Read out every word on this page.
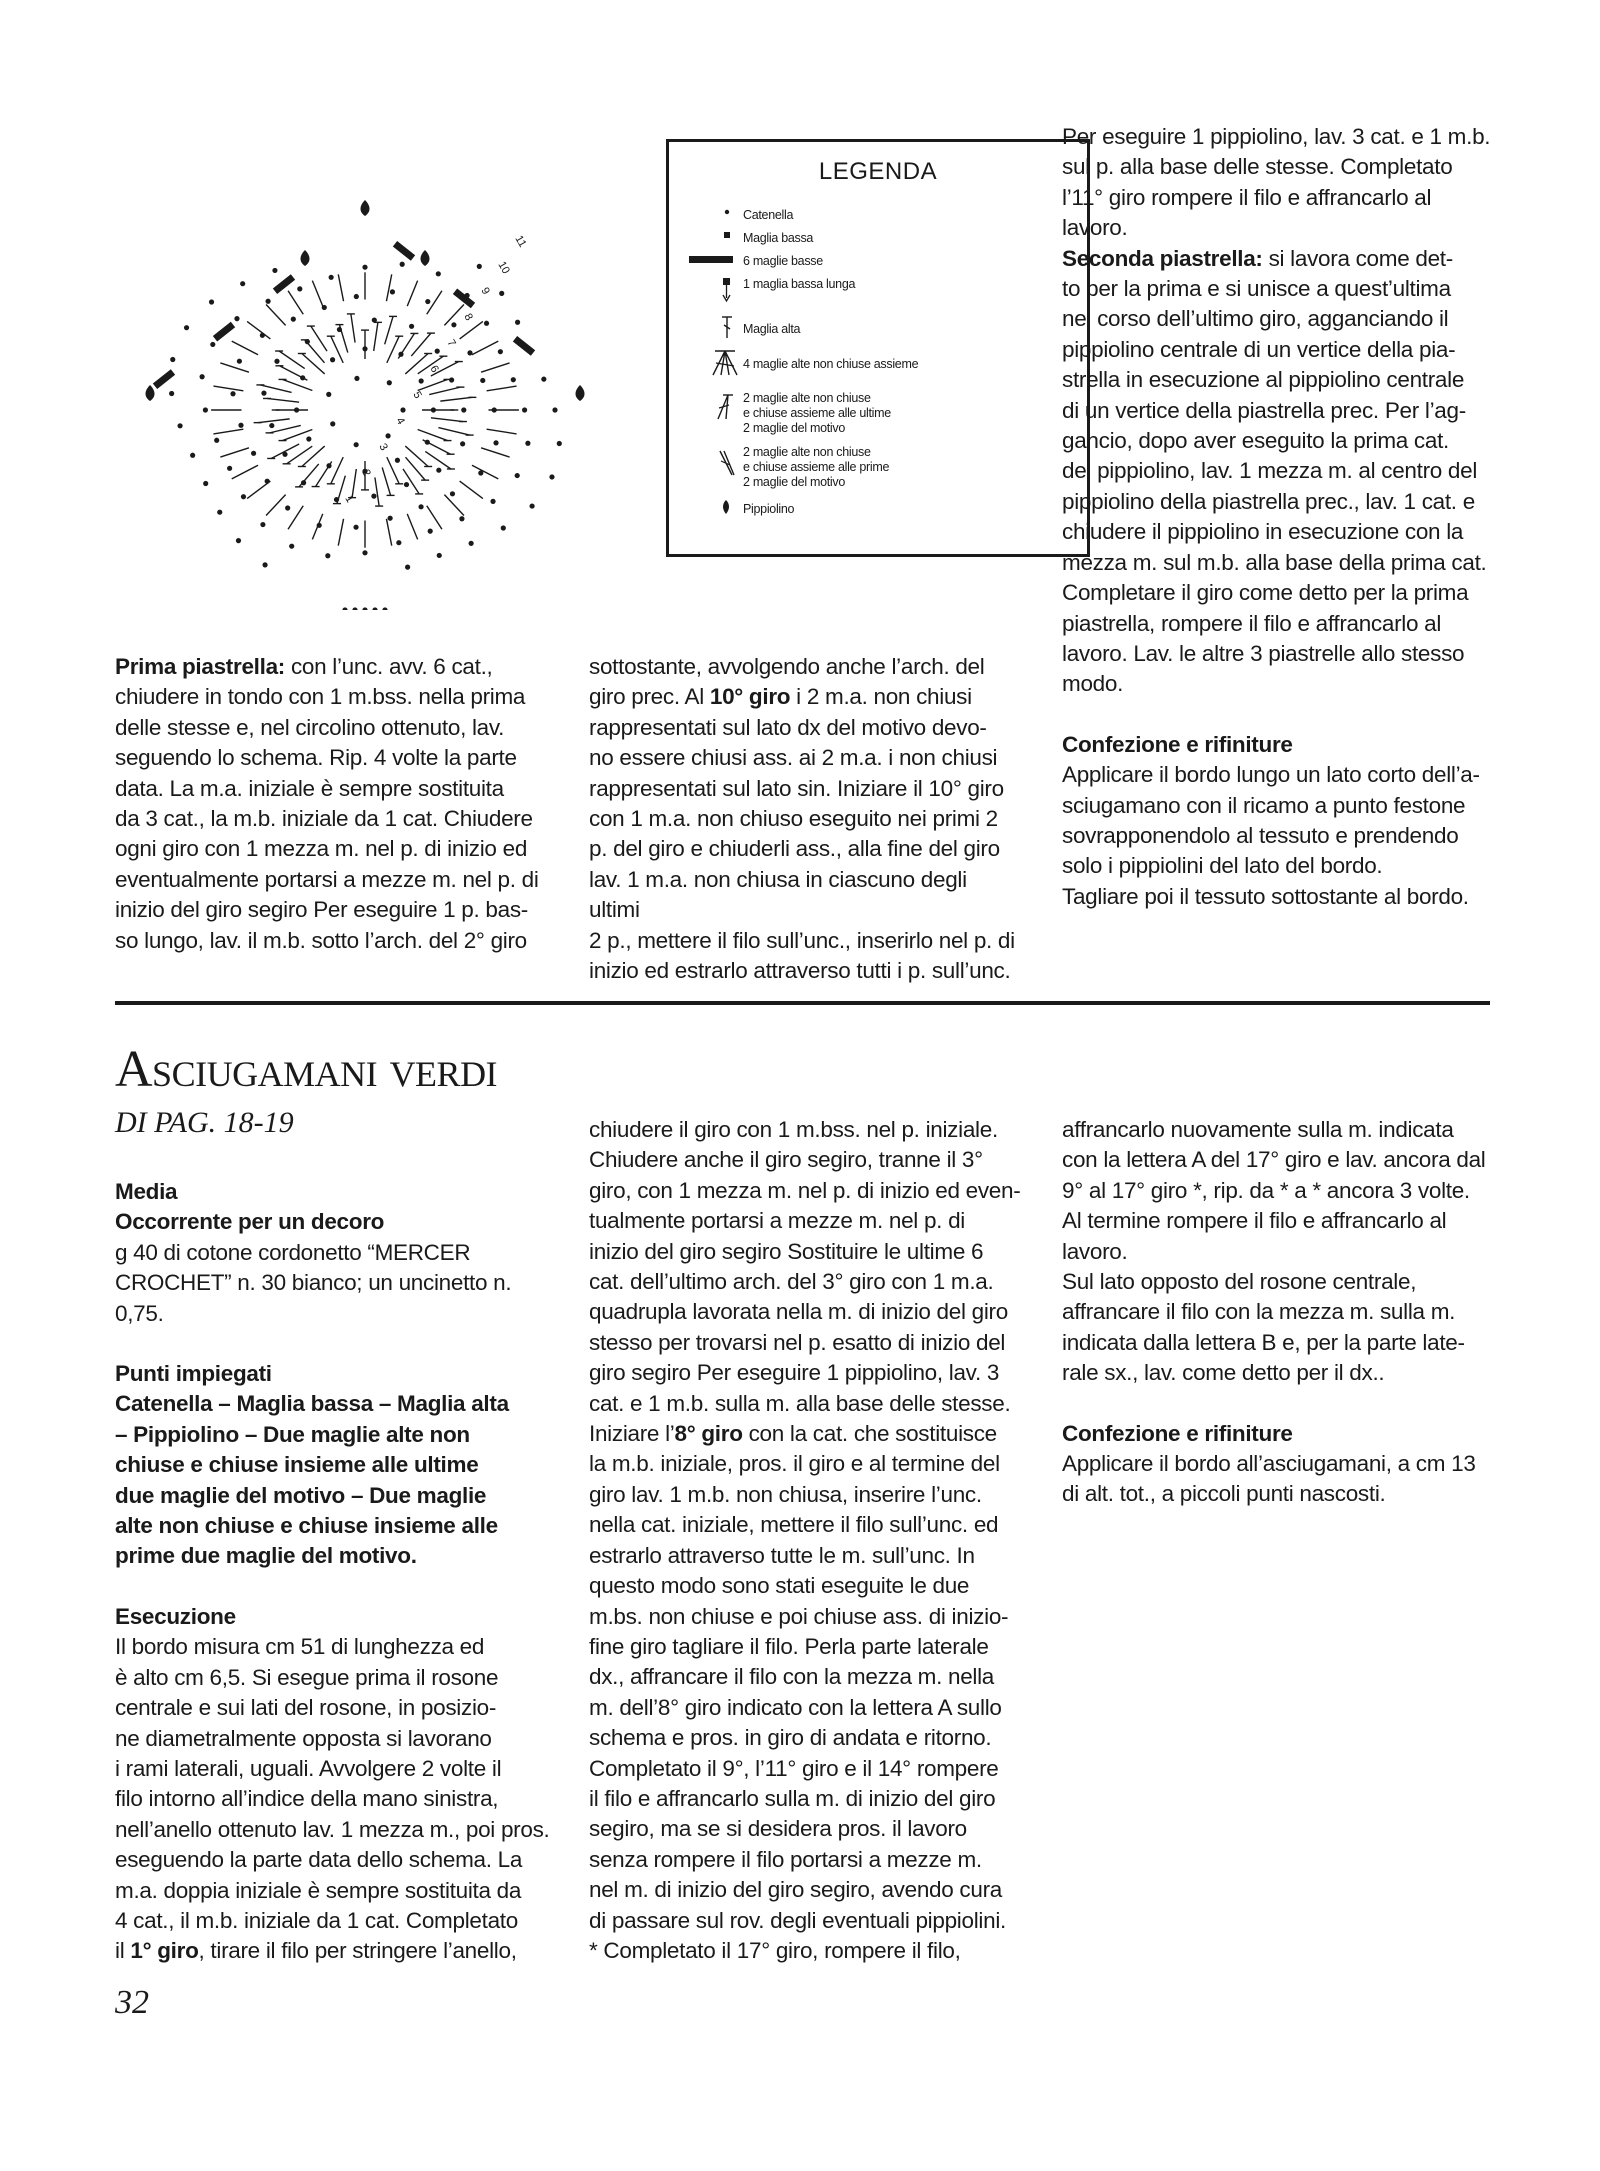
11
10
9
8
7
6
5
4
3
2
1
LEGENDA
Catenella
Maglia bassa
6 maglie basse
1 maglia bassa lunga
Maglia alta
4 maglie alte non chiuse assieme
2 maglie alte non chiuse
e chiuse assieme alle ultime
2 maglie del motivo
2 maglie alte non chiuse
e chiuse assieme alle prime
2 maglie del motivo
Pippiolino

Prima piastrella: con l’unc. avv. 6 cat.,

chiudere in tondo con 1 m.bss. nella prima

delle stesse e, nel circolino ottenuto, lav.

seguendo lo schema. Rip. 4 volte la parte

data. La m.a. iniziale è sempre sostituita

da 3 cat., la m.b. iniziale da 1 cat. Chiudere

ogni giro con 1 mezza m. nel p. di inizio ed

eventualmente portarsi a mezze m. nel p. di

inizio del giro segiro Per eseguire 1 p. bas-

so lungo, lav. il m.b. sotto l’arch. del 2° giro

sottostante, avvolgendo anche l’arch. del

giro prec. Al 10° giro i 2 m.a. non chiusi

rappresentati sul lato dx del motivo devo-

no essere chiusi ass. ai 2 m.a. i non chiusi

rappresentati sul lato sin. Iniziare il 10° giro

con 1 m.a. non chiuso eseguito nei primi 2

p. del giro e chiuderli ass., alla fine del giro

lav. 1 m.a. non chiusa in ciascuno degli ultimi

2 p., mettere il filo sull’unc., inserirlo nel p. di

inizio ed estrarlo attraverso tutti i p. sull’unc.

Per eseguire 1 pippiolino, lav. 3 cat. e 1 m.b.

sul p. alla base delle stesse. Completato

l’11° giro rompere il filo e affrancarlo al lavoro.

Seconda piastrella: si lavora come det-

to per la prima e si unisce a quest’ultima

nel corso dell’ultimo giro, agganciando il

pippiolino centrale di un vertice della pia-

strella in esecuzione al pippiolino centrale

di un vertice della piastrella prec. Per l’ag-

gancio, dopo aver eseguito la prima cat.

del pippiolino, lav. 1 mezza m. al centro del

pippiolino della piastrella prec., lav. 1 cat. e

chiudere il pippiolino in esecuzione con la

mezza m. sul m.b. alla base della prima cat.

Completare il giro come detto per la prima

piastrella, rompere il filo e affrancarlo al

lavoro. Lav. le altre 3 piastrelle allo stesso

modo.

Confezione e rifiniture

Applicare il bordo lungo un lato corto dell’a-

sciugamano con il ricamo a punto festone

sovrapponendolo al tessuto e prendendo

solo i pippiolini del lato del bordo.

Tagliare poi il tessuto sottostante al bordo.

Asciugamani verdi
DI PAG. 18-19
Media
Occorrente per un decoro

g 40 di cotone cordonetto “MERCER

CROCHET” n. 30 bianco; un uncinetto n.

0,75.

Punti impiegati
Catenella – Maglia bassa – Maglia alta
– Pippiolino – Due maglie alte non
chiuse e chiuse insieme alle ultime
due maglie del motivo – Due maglie
alte non chiuse e chiuse insieme alle
prime due maglie del motivo.
Esecuzione

Il bordo misura cm 51 di lunghezza ed

è alto cm 6,5. Si esegue prima il rosone

centrale e sui lati del rosone, in posizio-

ne diametralmente opposta si lavorano

i rami laterali, uguali. Avvolgere 2 volte il

filo intorno all’indice della mano sinistra,

nell’anello ottenuto lav. 1 mezza m., poi pros.

eseguendo la parte data dello schema. La

m.a. doppia iniziale è sempre sostituita da

4 cat., il m.b. iniziale da 1 cat. Completato

il 1° giro, tirare il filo per stringere l’anello,

chiudere il giro con 1 m.bss. nel p. iniziale.

Chiudere anche il giro segiro, tranne il 3°

giro, con 1 mezza m. nel p. di inizio ed even-

tualmente portarsi a mezze m. nel p. di

inizio del giro segiro Sostituire le ultime 6

cat. dell’ultimo arch. del 3° giro con 1 m.a.

quadrupla lavorata nella m. di inizio del giro

stesso per trovarsi nel p. esatto di inizio del

giro segiro Per eseguire 1 pippiolino, lav. 3

cat. e 1 m.b. sulla m. alla base delle stesse.

Iniziare l’8° giro con la cat. che sostituisce

la m.b. iniziale, pros. il giro e al termine del

giro lav. 1 m.b. non chiusa, inserire l’unc.

nella cat. iniziale, mettere il filo sull’unc. ed

estrarlo attraverso tutte le m. sull’unc. In

questo modo sono stati eseguite le due

m.bs. non chiuse e poi chiuse ass. di inizio-

fine giro tagliare il filo. Perla parte laterale

dx., affrancare il filo con la mezza m. nella

m. dell’8° giro indicato con la lettera A sullo

schema e pros. in giro di andata e ritorno.

Completato il 9°, l’11° giro e il 14° rompere

il filo e affrancarlo sulla m. di inizio del giro

segiro, ma se si desidera pros. il lavoro

senza rompere il filo portarsi a mezze m.

nel m. di inizio del giro segiro, avendo cura

di passare sul rov. degli eventuali pippiolini.

* Completato il 17° giro, rompere il filo,

affrancarlo nuovamente sulla m. indicata

con la lettera A del 17° giro e lav. ancora dal

9° al 17° giro *, rip. da * a * ancora 3 volte.

Al termine rompere il filo e affrancarlo al

lavoro.

Sul lato opposto del rosone centrale,

affrancare il filo con la mezza m. sulla m.

indicata dalla lettera B e, per la parte late-

rale sx., lav. come detto per il dx..

Confezione e rifiniture

Applicare il bordo all’asciugamani, a cm 13

di alt. tot., a piccoli punti nascosti.

32
